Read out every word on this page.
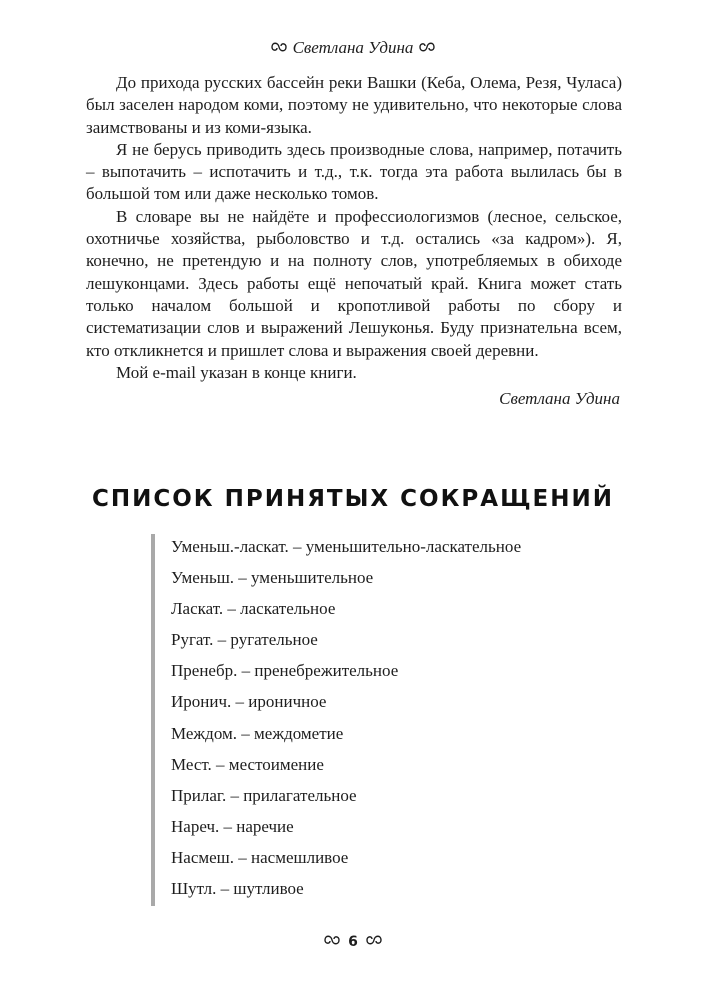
Светлана Удина

До прихода русских бассейн реки Вашки (Кеба, Олема, Резя, Чуласа) был заселен народом коми, поэтому не удивительно, что некоторые слова заимствованы и из коми-языка.

Я не берусь приводить здесь производные слова, например, потачить – выпотачить – испотачить и т.д., т.к. тогда эта работа вылилась бы в большой том или даже несколько томов.

В словаре вы не найдёте и профессиологизмов (лесное, сельское, охотничье хозяйства, рыболовство и т.д. остались «за кадром»). Я, конечно, не претендую и на полноту слов, употребляемых в обиходе лешуконцами. Здесь работы ещё непочатый край. Книга может стать только началом большой и кропотливой работы по сбору и систематизации слов и выражений Лешуконья. Буду признательна всем, кто откликнется и пришлет слова и выражения своей деревни.

Мой e-mail указан в конце книги.

Светлана Удина
СПИСОК ПРИНЯТЫХ СОКРАЩЕНИЙ
Уменьш.-ласкат. – уменьшительно-ласкательное
Уменьш. – уменьшительное
Ласкат. – ласкательное
Ругат. – ругательное
Пренебр. – пренебрежительное
Иронич. – ироничное
Междом. – междометие
Мест. – местоимение
Прилаг. – прилагательное
Нареч. – наречие
Насмеш. – насмешливое
Шутл. – шутливое
6
